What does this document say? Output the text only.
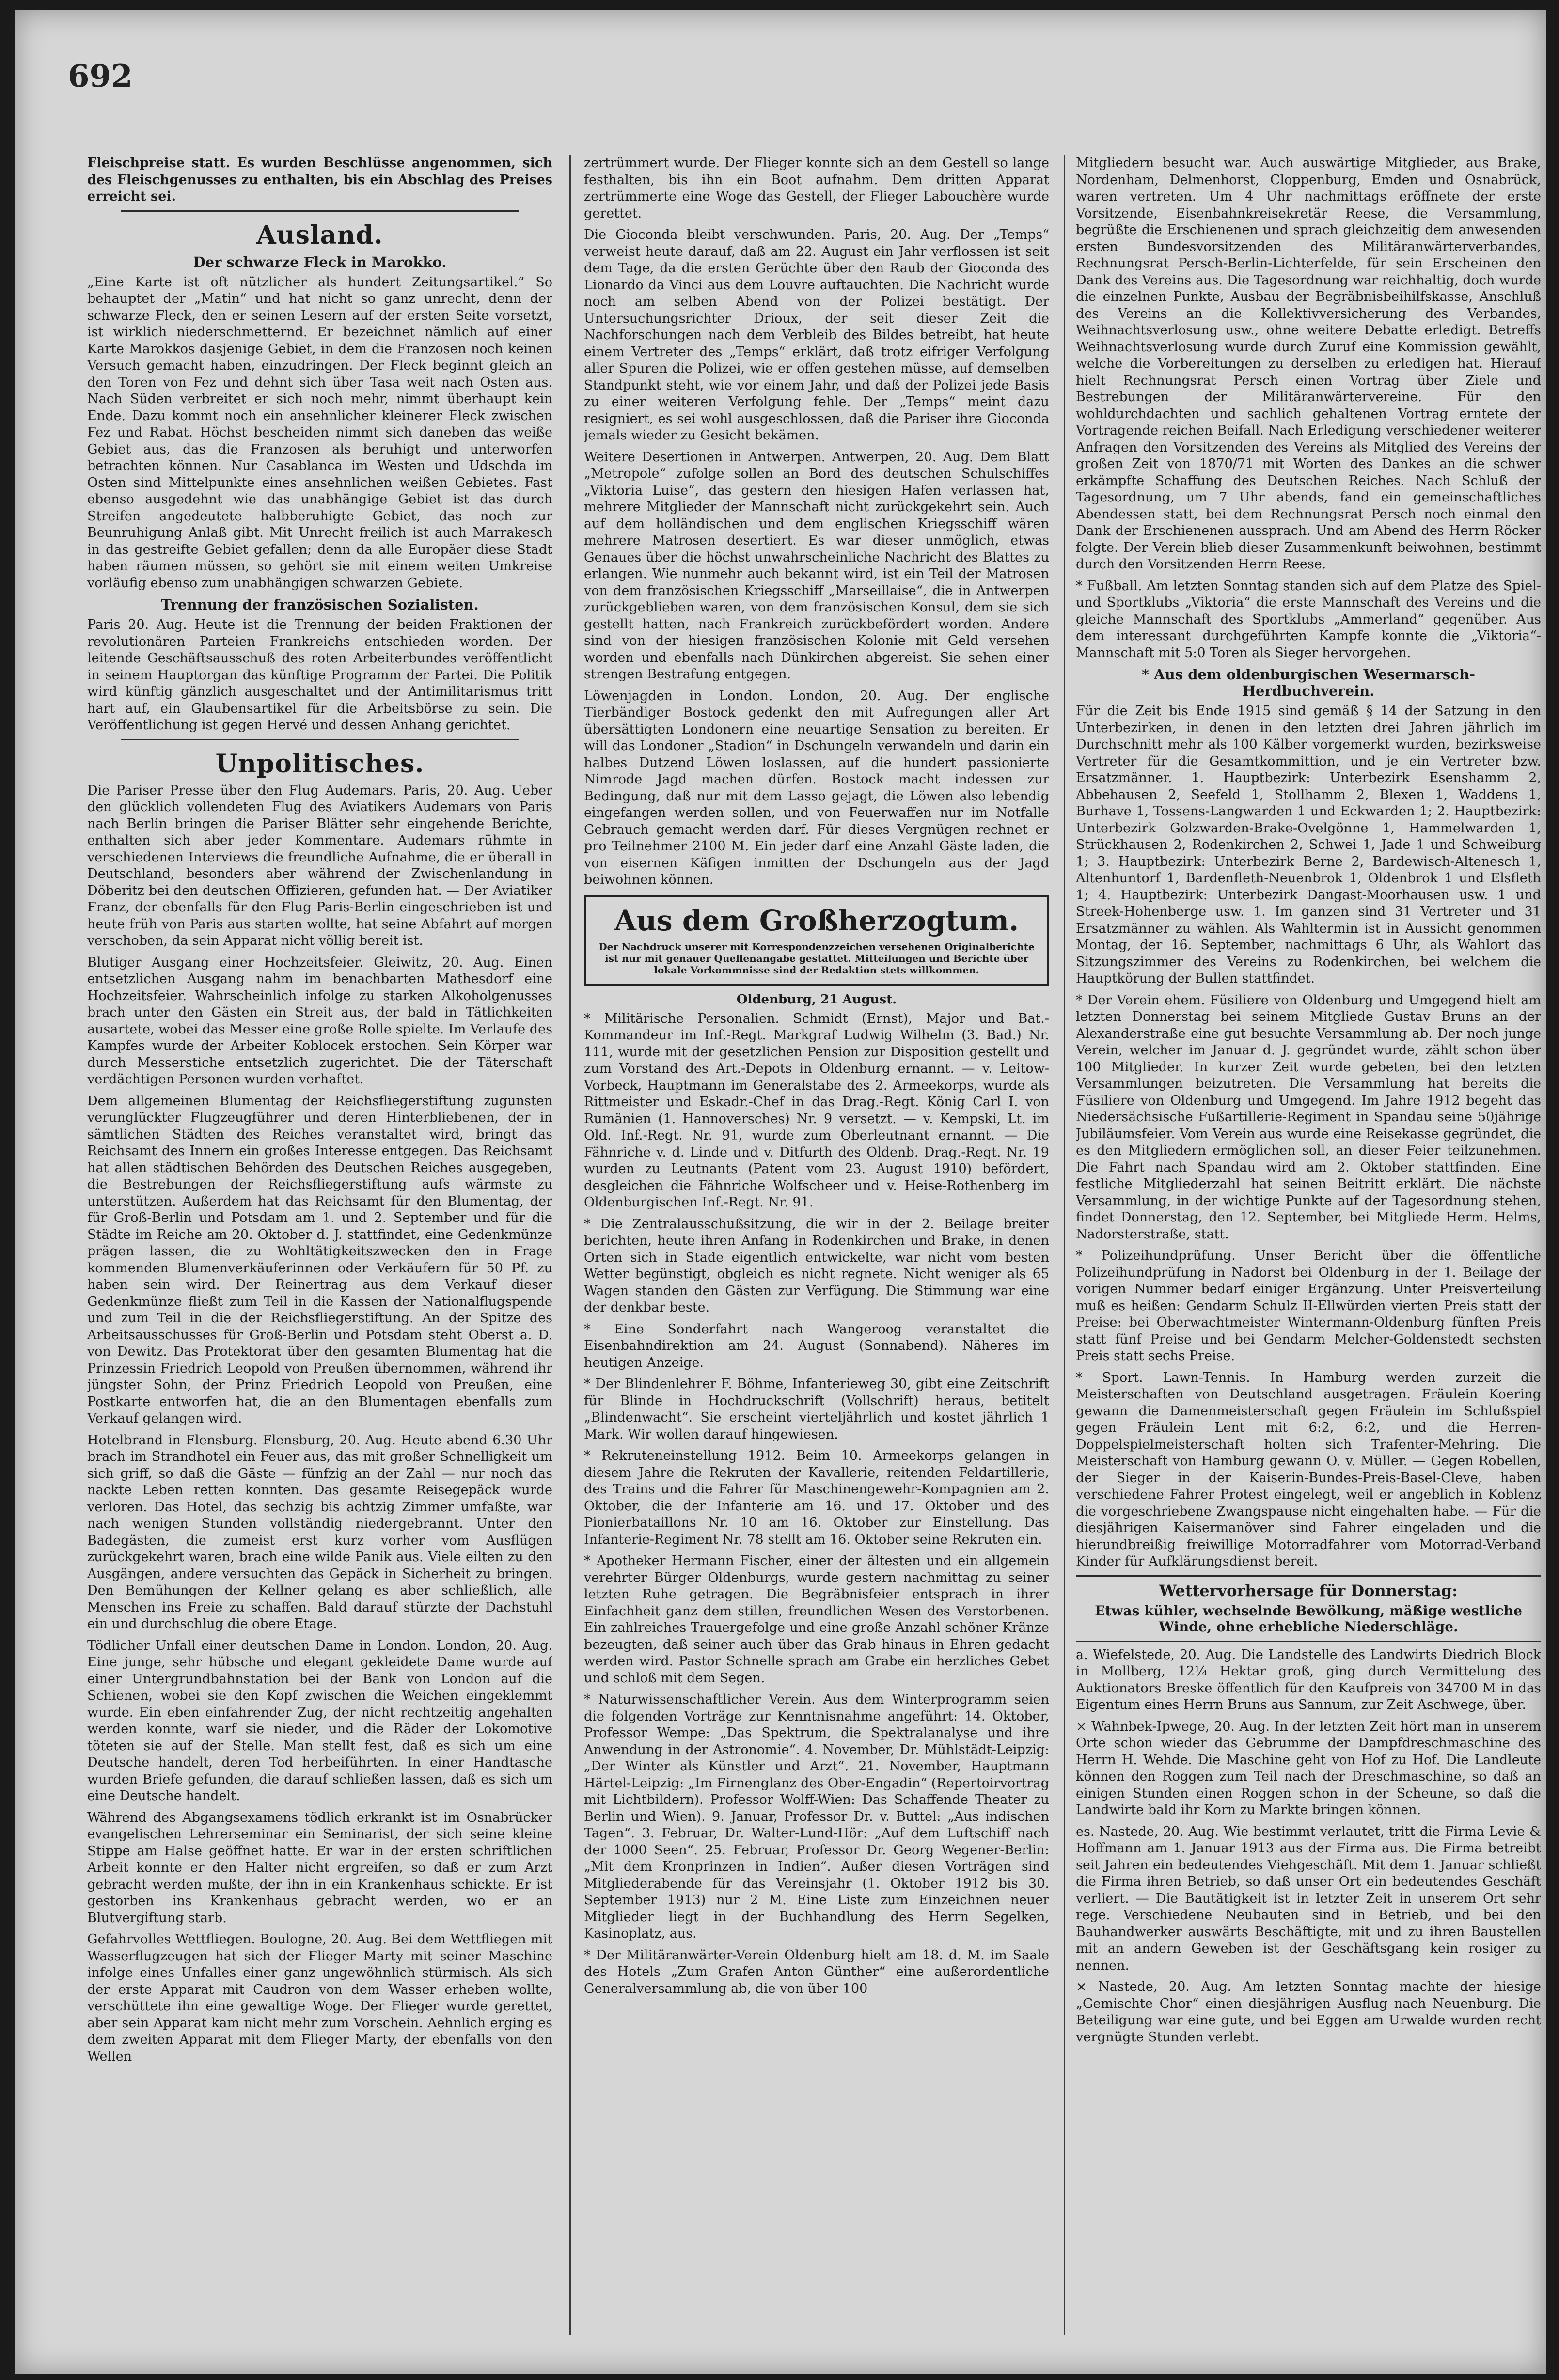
692

Fleischpreise statt. Es wurden Beschlüsse angenommen, sich des Fleischgenusses zu enthalten, bis ein Abschlag des Preises erreicht sei.

Ausland.
Der schwarze Fleck in Marokko.

„Eine Karte ist oft nützlicher als hundert Zeitungsartikel.“ So behauptet der „Matin“ und hat nicht so ganz unrecht, denn der schwarze Fleck, den er seinen Lesern auf der ersten Seite vorsetzt, ist wirklich niederschmetternd. Er bezeichnet nämlich auf einer Karte Marokkos dasjenige Gebiet, in dem die Franzosen noch keinen Versuch gemacht haben, einzudringen. Der Fleck beginnt gleich an den Toren von Fez und dehnt sich über Tasa weit nach Osten aus. Nach Süden verbreitet er sich noch mehr, nimmt überhaupt kein Ende. Dazu kommt noch ein ansehnlicher kleinerer Fleck zwischen Fez und Rabat. Höchst bescheiden nimmt sich daneben das weiße Gebiet aus, das die Franzosen als beruhigt und unterworfen betrachten können. Nur Casablanca im Westen und Udschda im Osten sind Mittelpunkte eines ansehnlichen weißen Gebietes. Fast ebenso ausgedehnt wie das unabhängige Gebiet ist das durch Streifen angedeutete halbberuhigte Gebiet, das noch zur Beunruhigung Anlaß gibt. Mit Unrecht freilich ist auch Marrakesch in das gestreifte Gebiet gefallen; denn da alle Europäer diese Stadt haben räumen müssen, so gehört sie mit einem weiten Umkreise vorläufig ebenso zum unabhängigen schwarzen Gebiete.

Trennung der französischen Sozialisten.

Paris 20. Aug. Heute ist die Trennung der beiden Fraktionen der revolutionären Parteien Frankreichs entschieden worden. Der leitende Geschäftsausschuß des roten Arbeiterbundes veröffentlicht in seinem Hauptorgan das künftige Programm der Partei. Die Politik wird künftig gänzlich ausgeschaltet und der Antimilitarismus tritt hart auf, ein Glaubensartikel für die Arbeitsbörse zu sein. Die Veröffentlichung ist gegen Hervé und dessen Anhang gerichtet.

Unpolitisches.

Die Pariser Presse über den Flug Audemars. Paris, 20. Aug. Ueber den glücklich vollendeten Flug des Aviatikers Audemars von Paris nach Berlin bringen die Pariser Blätter sehr eingehende Berichte, enthalten sich aber jeder Kommentare. Audemars rühmte in verschiedenen Interviews die freundliche Aufnahme, die er überall in Deutschland, besonders aber während der Zwischenlandung in Döberitz bei den deutschen Offizieren, gefunden hat. — Der Aviatiker Franz, der ebenfalls für den Flug Paris-Berlin eingeschrieben ist und heute früh von Paris aus starten wollte, hat seine Abfahrt auf morgen verschoben, da sein Apparat nicht völlig bereit ist.

Blutiger Ausgang einer Hochzeitsfeier. Gleiwitz, 20. Aug. Einen entsetzlichen Ausgang nahm im benachbarten Mathesdorf eine Hochzeitsfeier. Wahrscheinlich infolge zu starken Alkoholgenusses brach unter den Gästen ein Streit aus, der bald in Tätlichkeiten ausartete, wobei das Messer eine große Rolle spielte. Im Verlaufe des Kampfes wurde der Arbeiter Koblocek erstochen. Sein Körper war durch Messerstiche entsetzlich zugerichtet. Die der Täterschaft verdächtigen Personen wurden verhaftet.

Dem allgemeinen Blumentag der Reichsfliegerstiftung zugunsten verunglückter Flugzeugführer und deren Hinterbliebenen, der in sämtlichen Städten des Reiches veranstaltet wird, bringt das Reichsamt des Innern ein großes Interesse entgegen. Das Reichsamt hat allen städtischen Behörden des Deutschen Reiches ausgegeben, die Bestrebungen der Reichsfliegerstiftung aufs wärmste zu unterstützen. Außerdem hat das Reichsamt für den Blumentag, der für Groß-Berlin und Potsdam am 1. und 2. September und für die Städte im Reiche am 20. Oktober d. J. stattfindet, eine Gedenkmünze prägen lassen, die zu Wohltätigkeitszwecken den in Frage kommenden Blumenverkäuferinnen oder Verkäufern für 50 Pf. zu haben sein wird. Der Reinertrag aus dem Verkauf dieser Gedenkmünze fließt zum Teil in die Kassen der Nationalflugspende und zum Teil in die der Reichsfliegerstiftung. An der Spitze des Arbeitsausschusses für Groß-Berlin und Potsdam steht Oberst a. D. von Dewitz. Das Protektorat über den gesamten Blumentag hat die Prinzessin Friedrich Leopold von Preußen übernommen, während ihr jüngster Sohn, der Prinz Friedrich Leopold von Preußen, eine Postkarte entworfen hat, die an den Blumentagen ebenfalls zum Verkauf gelangen wird.

Hotelbrand in Flensburg. Flensburg, 20. Aug. Heute abend 6.30 Uhr brach im Strandhotel ein Feuer aus, das mit großer Schnelligkeit um sich griff, so daß die Gäste — fünfzig an der Zahl — nur noch das nackte Leben retten konnten. Das gesamte Reisegepäck wurde verloren. Das Hotel, das sechzig bis achtzig Zimmer umfaßte, war nach wenigen Stunden vollständig niedergebrannt. Unter den Badegästen, die zumeist erst kurz vorher vom Ausflügen zurückgekehrt waren, brach eine wilde Panik aus. Viele eilten zu den Ausgängen, andere versuchten das Gepäck in Sicherheit zu bringen. Den Bemühungen der Kellner gelang es aber schließlich, alle Menschen ins Freie zu schaffen. Bald darauf stürzte der Dachstuhl ein und durchschlug die obere Etage.

Tödlicher Unfall einer deutschen Dame in London. London, 20. Aug. Eine junge, sehr hübsche und elegant gekleidete Dame wurde auf einer Untergrundbahnstation bei der Bank von London auf die Schienen, wobei sie den Kopf zwischen die Weichen eingeklemmt wurde. Ein eben einfahrender Zug, der nicht rechtzeitig angehalten werden konnte, warf sie nieder, und die Räder der Lokomotive töteten sie auf der Stelle. Man stellt fest, daß es sich um eine Deutsche handelt, deren Tod herbeiführten. In einer Handtasche wurden Briefe gefunden, die darauf schließen lassen, daß es sich um eine Deutsche handelt.

Während des Abgangsexamens tödlich erkrankt ist im Osnabrücker evangelischen Lehrerseminar ein Seminarist, der sich seine kleine Stippe am Halse geöffnet hatte. Er war in der ersten schriftlichen Arbeit konnte er den Halter nicht ergreifen, so daß er zum Arzt gebracht werden mußte, der ihn in ein Krankenhaus schickte. Er ist gestorben ins Krankenhaus gebracht werden, wo er an Blutvergiftung starb.

Gefahrvolles Wettfliegen. Boulogne, 20. Aug. Bei dem Wettfliegen mit Wasserflugzeugen hat sich der Flieger Marty mit seiner Maschine infolge eines Unfalles einer ganz ungewöhnlich stürmisch. Als sich der erste Apparat mit Caudron von dem Wasser erheben wollte, verschüttete ihn eine gewaltige Woge. Der Flieger wurde gerettet, aber sein Apparat kam nicht mehr zum Vorschein. Aehnlich erging es dem zweiten Apparat mit dem Flieger Marty, der ebenfalls von den Wellen

zertrümmert wurde. Der Flieger konnte sich an dem Gestell so lange festhalten, bis ihn ein Boot aufnahm. Dem dritten Apparat zertrümmerte eine Woge das Gestell, der Flieger Labouchère wurde gerettet.

Die Gioconda bleibt verschwunden. Paris, 20. Aug. Der „Temps“ verweist heute darauf, daß am 22. August ein Jahr verflossen ist seit dem Tage, da die ersten Gerüchte über den Raub der Gioconda des Lionardo da Vinci aus dem Louvre auftauchten. Die Nachricht wurde noch am selben Abend von der Polizei bestätigt. Der Untersuchungsrichter Drioux, der seit dieser Zeit die Nachforschungen nach dem Verbleib des Bildes betreibt, hat heute einem Vertreter des „Temps“ erklärt, daß trotz eifriger Verfolgung aller Spuren die Polizei, wie er offen gestehen müsse, auf demselben Standpunkt steht, wie vor einem Jahr, und daß der Polizei jede Basis zu einer weiteren Verfolgung fehle. Der „Temps“ meint dazu resigniert, es sei wohl ausgeschlossen, daß die Pariser ihre Gioconda jemals wieder zu Gesicht bekämen.

Weitere Desertionen in Antwerpen. Antwerpen, 20. Aug. Dem Blatt „Metropole“ zufolge sollen an Bord des deutschen Schulschiffes „Viktoria Luise“, das gestern den hiesigen Hafen verlassen hat, mehrere Mitglieder der Mannschaft nicht zurückgekehrt sein. Auch auf dem holländischen und dem englischen Kriegsschiff wären mehrere Matrosen desertiert. Es war dieser unmöglich, etwas Genaues über die höchst unwahrscheinliche Nachricht des Blattes zu erlangen. Wie nunmehr auch bekannt wird, ist ein Teil der Matrosen von dem französischen Kriegsschiff „Marseillaise“, die in Antwerpen zurückgeblieben waren, von dem französischen Konsul, dem sie sich gestellt hatten, nach Frankreich zurückbefördert worden. Andere sind von der hiesigen französischen Kolonie mit Geld versehen worden und ebenfalls nach Dünkirchen abgereist. Sie sehen einer strengen Bestrafung entgegen.

Löwenjagden in London. London, 20. Aug. Der englische Tierbändiger Bostock gedenkt den mit Aufregungen aller Art übersättigten Londonern eine neuartige Sensation zu bereiten. Er will das Londoner „Stadion“ in Dschungeln verwandeln und darin ein halbes Dutzend Löwen loslassen, auf die hundert passionierte Nimrode Jagd machen dürfen. Bostock macht indessen zur Bedingung, daß nur mit dem Lasso gejagt, die Löwen also lebendig eingefangen werden sollen, und von Feuerwaffen nur im Notfalle Gebrauch gemacht werden darf. Für dieses Vergnügen rechnet er pro Teilnehmer 2100 M. Ein jeder darf eine Anzahl Gäste laden, die von eisernen Käfigen inmitten der Dschungeln aus der Jagd beiwohnen können.

Aus dem Großherzogtum.
Der Nachdruck unserer mit Korrespondenzzeichen versehenen Originalberichte ist nur mit genauer Quellenangabe gestattet. Mitteilungen und Berichte über lokale Vorkommnisse sind der Redaktion stets willkommen.
Oldenburg, 21 August.

* Militärische Personalien. Schmidt (Ernst), Major und Bat.-Kommandeur im Inf.-Regt. Markgraf Ludwig Wilhelm (3. Bad.) Nr. 111, wurde mit der gesetzlichen Pension zur Disposition gestellt und zum Vorstand des Art.-Depots in Oldenburg ernannt. — v. Leitow-Vorbeck, Hauptmann im Generalstabe des 2. Armeekorps, wurde als Rittmeister und Eskadr.-Chef in das Drag.-Regt. König Carl I. von Rumänien (1. Hannoversches) Nr. 9 versetzt. — v. Kempski, Lt. im Old. Inf.-Regt. Nr. 91, wurde zum Oberleutnant ernannt. — Die Fähnriche v. d. Linde und v. Ditfurth des Oldenb. Drag.-Regt. Nr. 19 wurden zu Leutnants (Patent vom 23. August 1910) befördert, desgleichen die Fähnriche Wolfscheer und v. Heise-Rothenberg im Oldenburgischen Inf.-Regt. Nr. 91.

* Die Zentralausschußsitzung, die wir in der 2. Beilage breiter berichten, heute ihren Anfang in Rodenkirchen und Brake, in denen Orten sich in Stade eigentlich entwickelte, war nicht vom besten Wetter begünstigt, obgleich es nicht regnete. Nicht weniger als 65 Wagen standen den Gästen zur Verfügung. Die Stimmung war eine der denkbar beste.

* Eine Sonderfahrt nach Wangeroog veranstaltet die Eisenbahndirektion am 24. August (Sonnabend). Näheres im heutigen Anzeige.

* Der Blindenlehrer F. Böhme, Infanterieweg 30, gibt eine Zeitschrift für Blinde in Hochdruckschrift (Vollschrift) heraus, betitelt „Blindenwacht“. Sie erscheint vierteljährlich und kostet jährlich 1 Mark. Wir wollen darauf hingewiesen.

* Rekruteneinstellung 1912. Beim 10. Armeekorps gelangen in diesem Jahre die Rekruten der Kavallerie, reitenden Feldartillerie, des Trains und die Fahrer für Maschinengewehr-Kompagnien am 2. Oktober, die der Infanterie am 16. und 17. Oktober und des Pionierbataillons Nr. 10 am 16. Oktober zur Einstellung. Das Infanterie-Regiment Nr. 78 stellt am 16. Oktober seine Rekruten ein.

* Apotheker Hermann Fischer, einer der ältesten und ein allgemein verehrter Bürger Oldenburgs, wurde gestern nachmittag zu seiner letzten Ruhe getragen. Die Begräbnisfeier entsprach in ihrer Einfachheit ganz dem stillen, freundlichen Wesen des Verstorbenen. Ein zahlreiches Trauergefolge und eine große Anzahl schöner Kränze bezeugten, daß seiner auch über das Grab hinaus in Ehren gedacht werden wird. Pastor Schnelle sprach am Grabe ein herzliches Gebet und schloß mit dem Segen.

* Naturwissenschaftlicher Verein. Aus dem Winterprogramm seien die folgenden Vorträge zur Kenntnisnahme angeführt: 14. Oktober, Professor Wempe: „Das Spektrum, die Spektralanalyse und ihre Anwendung in der Astronomie“. 4. November, Dr. Mühlstädt-Leipzig: „Der Winter als Künstler und Arzt“. 21. November, Hauptmann Härtel-Leipzig: „Im Firnenglanz des Ober-Engadin“ (Repertoirvortrag mit Lichtbildern). Professor Wolff-Wien: Das Schaffende Theater zu Berlin und Wien). 9. Januar, Professor Dr. v. Buttel: „Aus indischen Tagen“. 3. Februar, Dr. Walter-Lund-Hör: „Auf dem Luftschiff nach der 1000 Seen“. 25. Februar, Professor Dr. Georg Wegener-Berlin: „Mit dem Kronprinzen in Indien“. Außer diesen Vorträgen sind Mitgliederabende für das Vereinsjahr (1. Oktober 1912 bis 30. September 1913) nur 2 M. Eine Liste zum Einzeichnen neuer Mitglieder liegt in der Buchhandlung des Herrn Segelken, Kasinoplatz, aus.

* Der Militäranwärter-Verein Oldenburg hielt am 18. d. M. im Saale des Hotels „Zum Grafen Anton Günther“ eine außerordentliche Generalversammlung ab, die von über 100

Mitgliedern besucht war. Auch auswärtige Mitglieder, aus Brake, Nordenham, Delmenhorst, Cloppenburg, Emden und Osnabrück, waren vertreten. Um 4 Uhr nachmittags eröffnete der erste Vorsitzende, Eisenbahnkreisekretär Reese, die Versammlung, begrüßte die Erschienenen und sprach gleichzeitig dem anwesenden ersten Bundesvorsitzenden des Militäranwärterverbandes, Rechnungsrat Persch-Berlin-Lichterfelde, für sein Erscheinen den Dank des Vereins aus. Die Tagesordnung war reichhaltig, doch wurde die einzelnen Punkte, Ausbau der Begräbnisbeihilfskasse, Anschluß des Vereins an die Kollektivversicherung des Verbandes, Weihnachtsverlosung usw., ohne weitere Debatte erledigt. Betreffs Weihnachtsverlosung wurde durch Zuruf eine Kommission gewählt, welche die Vorbereitungen zu derselben zu erledigen hat. Hierauf hielt Rechnungsrat Persch einen Vortrag über Ziele und Bestrebungen der Militäranwärtervereine. Für den wohldurchdachten und sachlich gehaltenen Vortrag erntete der Vortragende reichen Beifall. Nach Erledigung verschiedener weiterer Anfragen den Vorsitzenden des Vereins als Mitglied des Vereins der großen Zeit von 1870/71 mit Worten des Dankes an die schwer erkämpfte Schaffung des Deutschen Reiches. Nach Schluß der Tagesordnung, um 7 Uhr abends, fand ein gemeinschaftliches Abendessen statt, bei dem Rechnungsrat Persch noch einmal den Dank der Erschienenen aussprach. Und am Abend des Herrn Röcker folgte. Der Verein blieb dieser Zusammenkunft beiwohnen, bestimmt durch den Vorsitzenden Herrn Reese.

* Fußball. Am letzten Sonntag standen sich auf dem Platze des Spiel- und Sportklubs „Viktoria“ die erste Mannschaft des Vereins und die gleiche Mannschaft des Sportklubs „Ammerland“ gegenüber. Aus dem interessant durchgeführten Kampfe konnte die „Viktoria“-Mannschaft mit 5:0 Toren als Sieger hervorgehen.

* Aus dem oldenburgischen Wesermarsch-Herdbuchverein.

Für die Zeit bis Ende 1915 sind gemäß § 14 der Satzung in den Unterbezirken, in denen in den letzten drei Jahren jährlich im Durchschnitt mehr als 100 Kälber vorgemerkt wurden, bezirksweise Vertreter für die Gesamtkommittion, und je ein Vertreter bzw. Ersatzmänner. 1. Hauptbezirk: Unterbezirk Esenshamm 2, Abbehausen 2, Seefeld 1, Stollhamm 2, Blexen 1, Waddens 1, Burhave 1, Tossens-Langwarden 1 und Eckwarden 1; 2. Hauptbezirk: Unterbezirk Golzwarden-Brake-Ovelgönne 1, Hammelwarden 1, Strückhausen 2, Rodenkirchen 2, Schwei 1, Jade 1 und Schweiburg 1; 3. Hauptbezirk: Unterbezirk Berne 2, Bardewisch-Altenesch 1, Altenhuntorf 1, Bardenfleth-Neuenbrok 1, Oldenbrok 1 und Elsfleth 1; 4. Hauptbezirk: Unterbezirk Dangast-Moorhausen usw. 1 und Streek-Hohenberge usw. 1. Im ganzen sind 31 Vertreter und 31 Ersatzmänner zu wählen. Als Wahltermin ist in Aussicht genommen Montag, der 16. September, nachmittags 6 Uhr, als Wahlort das Sitzungszimmer des Vereins zu Rodenkirchen, bei welchem die Hauptkörung der Bullen stattfindet.

* Der Verein ehem. Füsiliere von Oldenburg und Umgegend hielt am letzten Donnerstag bei seinem Mitgliede Gustav Bruns an der Alexanderstraße eine gut besuchte Versammlung ab. Der noch junge Verein, welcher im Januar d. J. gegründet wurde, zählt schon über 100 Mitglieder. In kurzer Zeit wurde gebeten, bei den letzten Versammlungen beizutreten. Die Versammlung hat bereits die Füsiliere von Oldenburg und Umgegend. Im Jahre 1912 begeht das Niedersächsische Fußartillerie-Regiment in Spandau seine 50jährige Jubiläumsfeier. Vom Verein aus wurde eine Reisekasse gegründet, die es den Mitgliedern ermöglichen soll, an dieser Feier teilzunehmen. Die Fahrt nach Spandau wird am 2. Oktober stattfinden. Eine festliche Mitgliederzahl hat seinen Beitritt erklärt. Die nächste Versammlung, in der wichtige Punkte auf der Tagesordnung stehen, findet Donnerstag, den 12. September, bei Mitgliede Herm. Helms, Nadorsterstraße, statt.

* Polizeihundprüfung. Unser Bericht über die öffentliche Polizeihundprüfung in Nadorst bei Oldenburg in der 1. Beilage der vorigen Nummer bedarf einiger Ergänzung. Unter Preisverteilung muß es heißen: Gendarm Schulz II-Ellwürden vierten Preis statt der Preise: bei Oberwachtmeister Wintermann-Oldenburg fünften Preis statt fünf Preise und bei Gendarm Melcher-Goldenstedt sechsten Preis statt sechs Preise.

* Sport. Lawn-Tennis. In Hamburg werden zurzeit die Meisterschaften von Deutschland ausgetragen. Fräulein Koering gewann die Damenmeisterschaft gegen Fräulein im Schlußspiel gegen Fräulein Lent mit 6:2, 6:2, und die Herren-Doppelspielmeisterschaft holten sich Trafenter-Mehring. Die Meisterschaft von Hamburg gewann O. v. Müller. — Gegen Robellen, der Sieger in der Kaiserin-Bundes-Preis-Basel-Cleve, haben verschiedene Fahrer Protest eingelegt, weil er angeblich in Koblenz die vorgeschriebene Zwangspause nicht eingehalten habe. — Für die diesjährigen Kaisermanöver sind Fahrer eingeladen und die hierundbreißig freiwillige Motorradfahrer vom Motorrad-Verband Kinder für Aufklärungsdienst bereit.

Wettervorhersage für Donnerstag:
Etwas kühler, wechselnde Bewölkung, mäßige westliche Winde, ohne erhebliche Niederschläge.

a. Wiefelstede, 20. Aug. Die Landstelle des Landwirts Diedrich Block in Mollberg, 12¼ Hektar groß, ging durch Vermittelung des Auktionators Breske öffentlich für den Kaufpreis von 34700 M in das Eigentum eines Herrn Bruns aus Sannum, zur Zeit Aschwege, über.

⨯ Wahnbek-Ipwege, 20. Aug. In der letzten Zeit hört man in unserem Orte schon wieder das Gebrumme der Dampfdreschmaschine des Herrn H. Wehde. Die Maschine geht von Hof zu Hof. Die Landleute können den Roggen zum Teil nach der Dreschmaschine, so daß an einigen Stunden einen Roggen schon in der Scheune, so daß die Landwirte bald ihr Korn zu Markte bringen können.

es. Nastede, 20. Aug. Wie bestimmt verlautet, tritt die Firma Levie & Hoffmann am 1. Januar 1913 aus der Firma aus. Die Firma betreibt seit Jahren ein bedeutendes Viehgeschäft. Mit dem 1. Januar schließt die Firma ihren Betrieb, so daß unser Ort ein bedeutendes Geschäft verliert. — Die Bautätigkeit ist in letzter Zeit in unserem Ort sehr rege. Verschiedene Neubauten sind in Betrieb, und bei den Bauhandwerker auswärts Beschäftigte, mit und zu ihren Baustellen mit an andern Geweben ist der Geschäftsgang kein rosiger zu nennen.

⨯ Nastede, 20. Aug. Am letzten Sonntag machte der hiesige „Gemischte Chor“ einen diesjährigen Ausflug nach Neuenburg. Die Beteiligung war eine gute, und bei Eggen am Urwalde wurden recht vergnügte Stunden verlebt.
